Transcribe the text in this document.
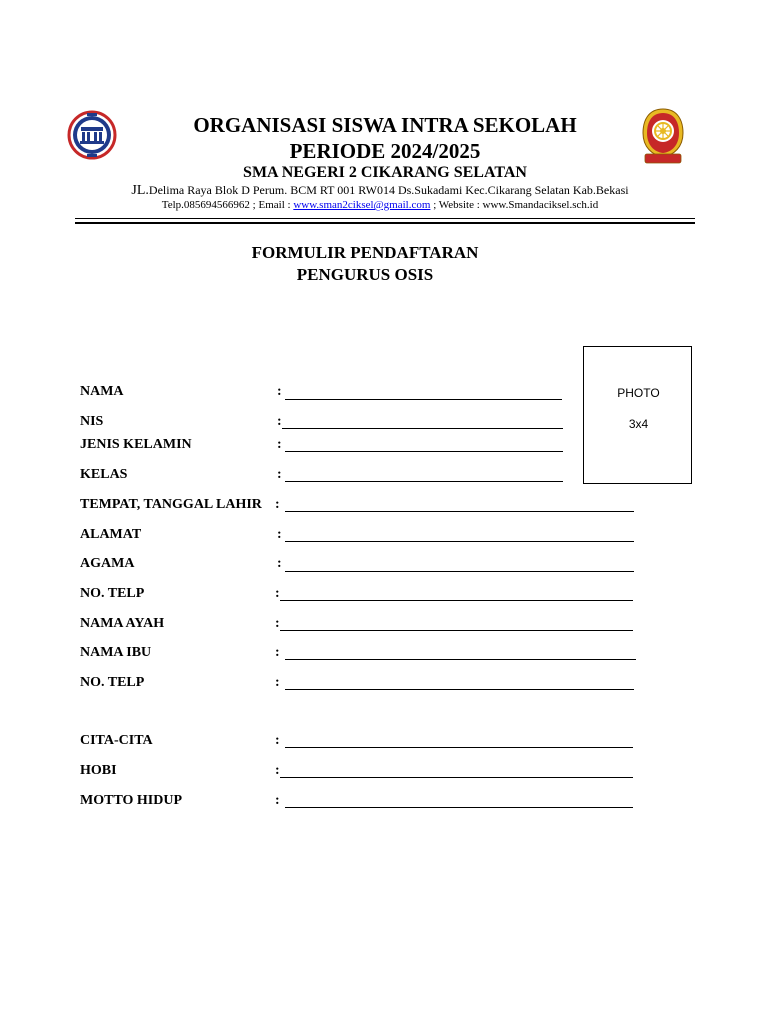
ORGANISASI SISWA INTRA SEKOLAH
PERIODE 2024/2025
SMA NEGERI 2 CIKARANG SELATAN
JL.Delima Raya Blok D Perum. BCM RT 001 RW014 Ds.Sukadami Kec.Cikarang Selatan Kab.Bekasi
Telp.085694566962 ; Email : www.sman2ciksel@gmail.com ; Website : www.Smandaciksel.sch.id
FORMULIR PENDAFTARAN
PENGURUS OSIS
PHOTO
3x4
NAMA	:
NIS	:
JENIS KELAMIN	:
KELAS	:
TEMPAT, TANGGAL LAHIR :
ALAMAT	:
AGAMA	:
NO. TELP	:
NAMA AYAH	:
NAMA IBU	:
NO. TELP	:
CITA-CITA	:
HOBI	:
MOTTO HIDUP	:
